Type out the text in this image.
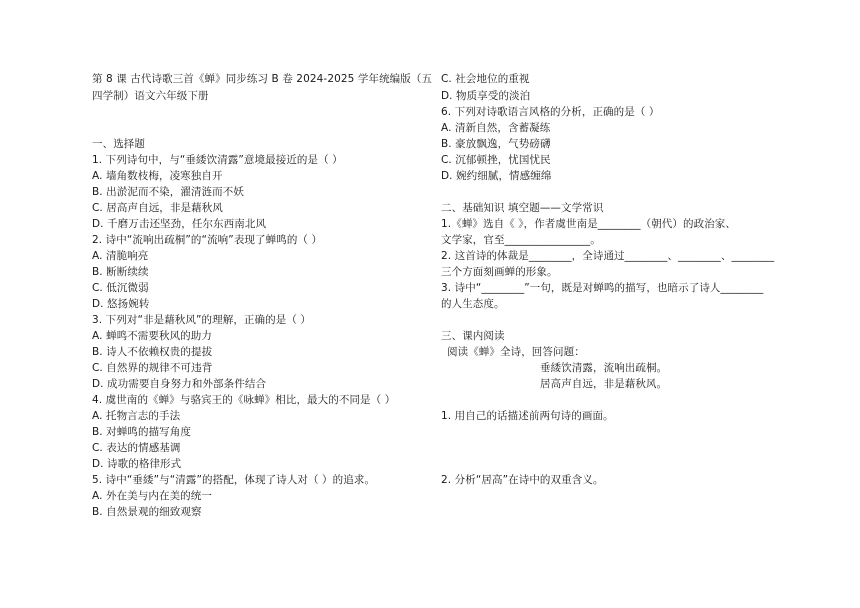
第 8 课 古代诗歌三首《蝉》同步练习 B 卷 2024-2025 学年统编版（五
四学制）语文六年级下册
一、选择题
1. 下列诗句中，与“垂緌饮清露”意境最接近的是（ ）
A. 墙角数枝梅，凌寒独自开
B. 出淤泥而不染，濯清涟而不妖
C. 居高声自远，非是藉秋风
D. 千磨万击还坚劲，任尔东西南北风
2. 诗中“流响出疏桐”的“流响”表现了蝉鸣的（ ）
A. 清脆响亮
B. 断断续续
C. 低沉微弱
D. 悠扬婉转
3. 下列对“非是藉秋风”的理解，正确的是（ ）
A. 蝉鸣不需要秋风的助力
B. 诗人不依赖权贵的提拔
C. 自然界的规律不可违背
D. 成功需要自身努力和外部条件结合
4. 虞世南的《蝉》与骆宾王的《咏蝉》相比，最大的不同是（ ）
A. 托物言志的手法
B. 对蝉鸣的描写角度
C. 表达的情感基调
D. 诗歌的格律形式
5. 诗中“垂緌”与“清露”的搭配，体现了诗人对（ ）的追求。
A. 外在美与内在美的统一
B. 自然景观的细致观察
C. 社会地位的重视
D. 物质享受的淡泊
6. 下列对诗歌语言风格的分析，正确的是（ ）
A. 清新自然，含蓄凝练
B. 豪放飘逸，气势磅礴
C. 沉郁顿挫，忧国忧民
D. 婉约细腻，情感缠绵
二、基础知识 填空题——文学常识
1.《蝉》选自《 》，作者虞世南是________（朝代）的政治家、
文学家，官至________________。
2. 这首诗的体裁是________，全诗通过________、________、________
三个方面刻画蝉的形象。
3. 诗中“________”一句，既是对蝉鸣的描写，也暗示了诗人________
的人生态度。
三、课内阅读
阅读《蝉》全诗，回答问题：
垂緌饮清露，流响出疏桐。
居高声自远，非是藉秋风。
1. 用自己的话描述前两句诗的画面。
2. 分析“居高”在诗中的双重含义。
